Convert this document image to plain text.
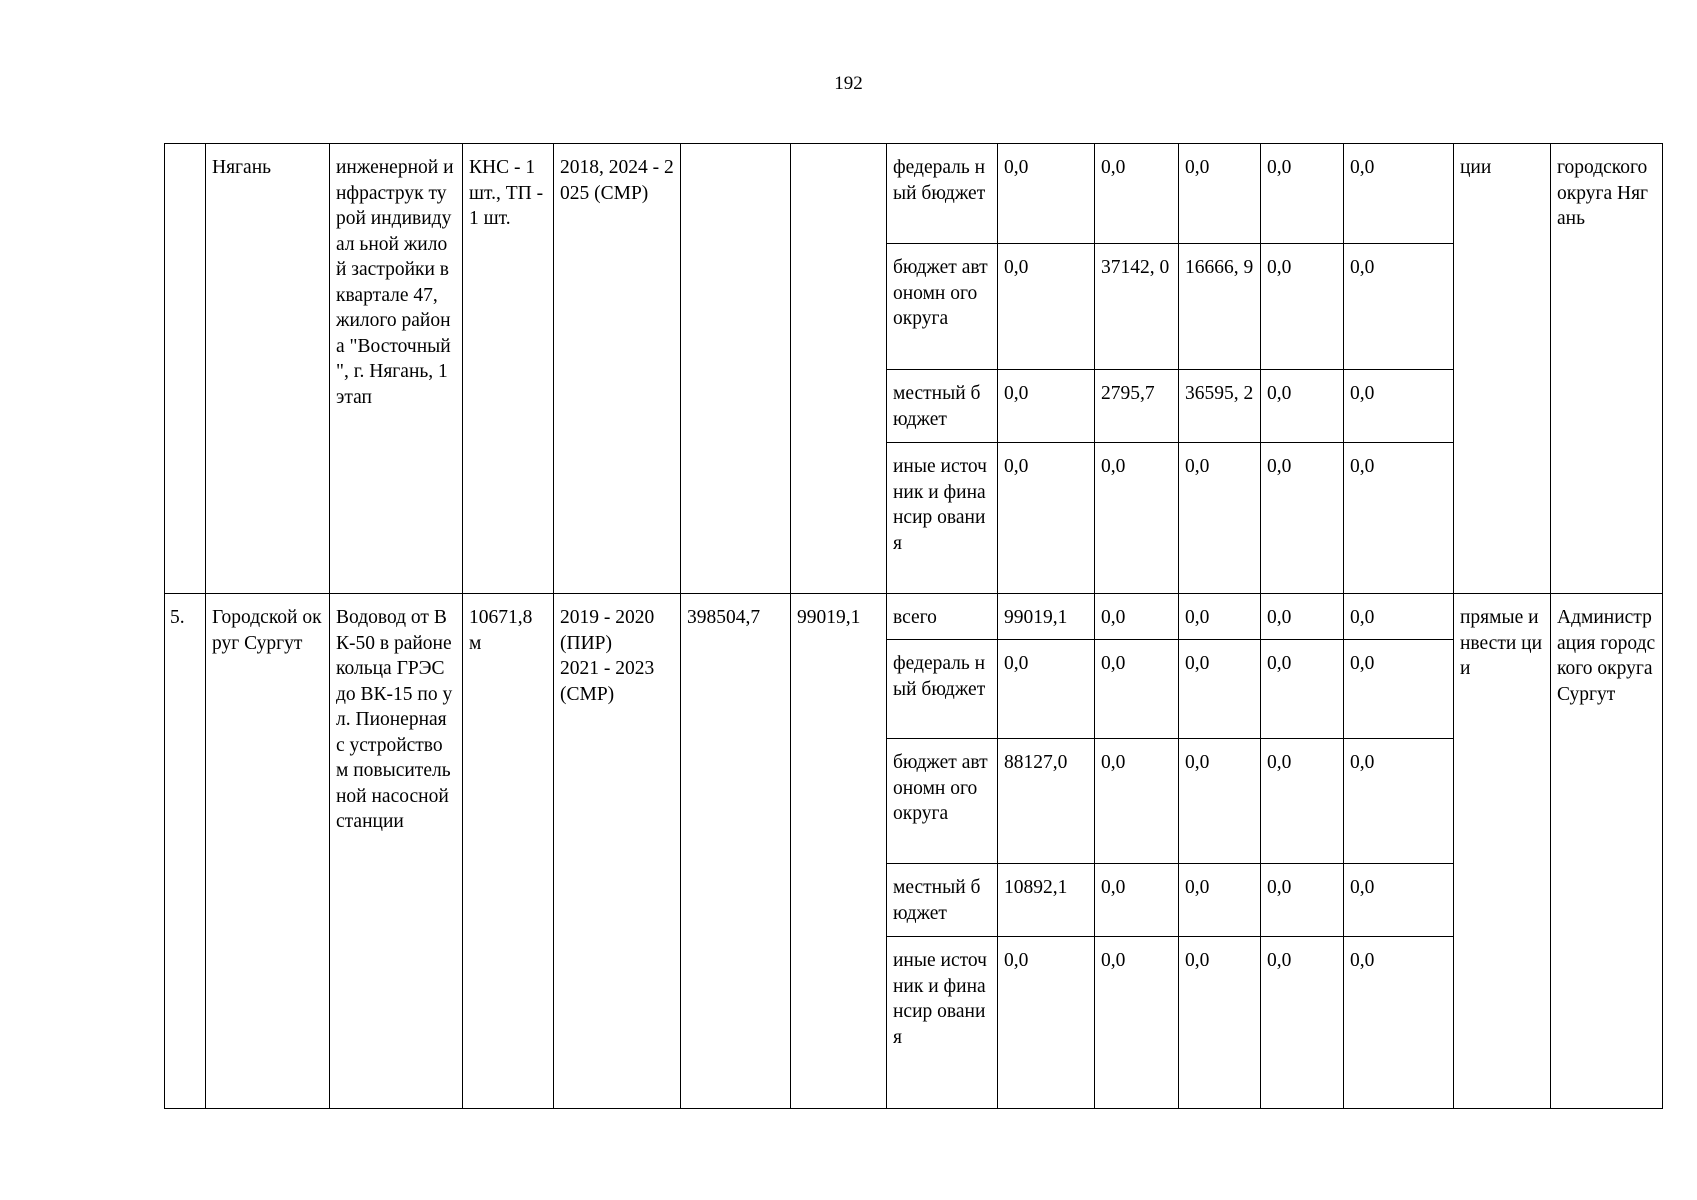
192
	Нягань	инженерной инфраструк турой индивидуал ьной жилой застройки в квартале 47, жилого района "Восточный ", г. Нягань, 1 этап	КНС - 1 шт., ТП - 1 шт.	2018, 2024 - 2025 (СМР)			федераль ный бюджет	0,0	0,0	0,0	0,0	0,0	ции	городского округа Нягань
							бюджет автономн ого округа	0,0	37142, 0	16666, 9	0,0	0,0		
							местный бюджет	0,0	2795,7	36595, 2	0,0	0,0		
							иные источник и финансир ования	0,0	0,0	0,0	0,0	0,0		
5.	Городской округ Сургут	Водовод от ВК-50 в районе кольца ГРЭС до ВК-15 по ул. Пионерная с устройство м повыситель ной насосной станции	10671,8 м	2019 - 2020 (ПИР)
2021 - 2023 (СМР)	398504,7	99019,1	всего	99019,1	0,0	0,0	0,0	0,0	прямые инвести ции	Администр ация городского округа Сургут
							федераль ный бюджет	0,0	0,0	0,0	0,0	0,0		
							бюджет автономн ого округа	88127,0	0,0	0,0	0,0	0,0		
							местный бюджет	10892,1	0,0	0,0	0,0	0,0		
							иные источник и финансир ования	0,0	0,0	0,0	0,0	0,0		
